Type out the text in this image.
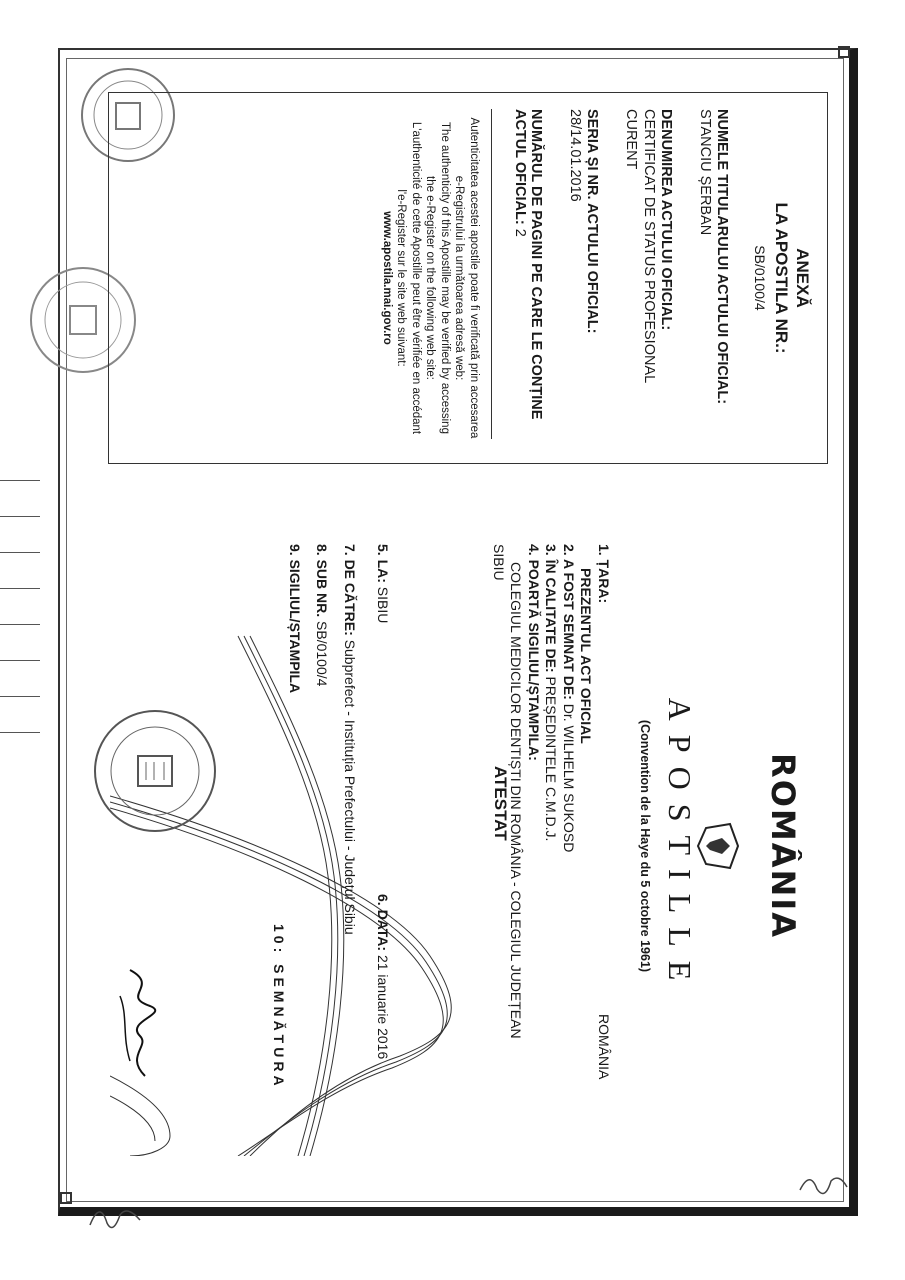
ANEXĂ
LA APOSTILA NR.:
SB/0100/4
NUMELE TITULARULUI ACTULUI OFICIAL:
STANCIU ȘERBAN
DENUMIREA ACTULUI OFICIAL:
CERTIFICAT DE STATUS PROFESIONAL
CURENT
SERIA ȘI NR. ACTULUI OFICIAL:
28/14.01.2016
NUMĂRUL DE PAGINI PE CARE LE CONȚINE
ACTUL OFICIAL: 2
Autenticitatea acestei apostile poate fi verificată prin accesarea
e-Registrului la următoarea adresă web:
The authenticity of this Apostille may be verified by accessing
the e-Register on the following web site:
L'authenticité de cette Apostille peut être vérifiée en accédant
l'e-Register sur le site web suivant:
www.apostila.mai.gov.ro
ROMÂNIA
APOSTILLE
(Convention de la Haye du 5 octobre 1961)
1. ȚARA:
ROMÂNIA
PREZENTUL ACT OFICIAL
2. A FOST SEMNAT DE: Dr. WILHELM SUKOSD
3. ÎN CALITATE DE: PREȘEDINTELE C.M.D.J.
4. POARTĂ SIGILIUL/ȘTAMPILA:
COLEGIUL MEDICILOR DENTIȘTI DIN ROMÂNIA - COLEGIUL JUDEȚEAN
SIBIU
5. LA: SIBIU
6. DATA: 21 ianuarie 2016
7. DE CĂTRE: Subprefect - Instituția Prefectului - Județul Sibiu
8. SUB NR. SB/0100/4
9. SIGILIUL/ȘTAMPILA
10: SEMNĂTURA
ATESTAT
